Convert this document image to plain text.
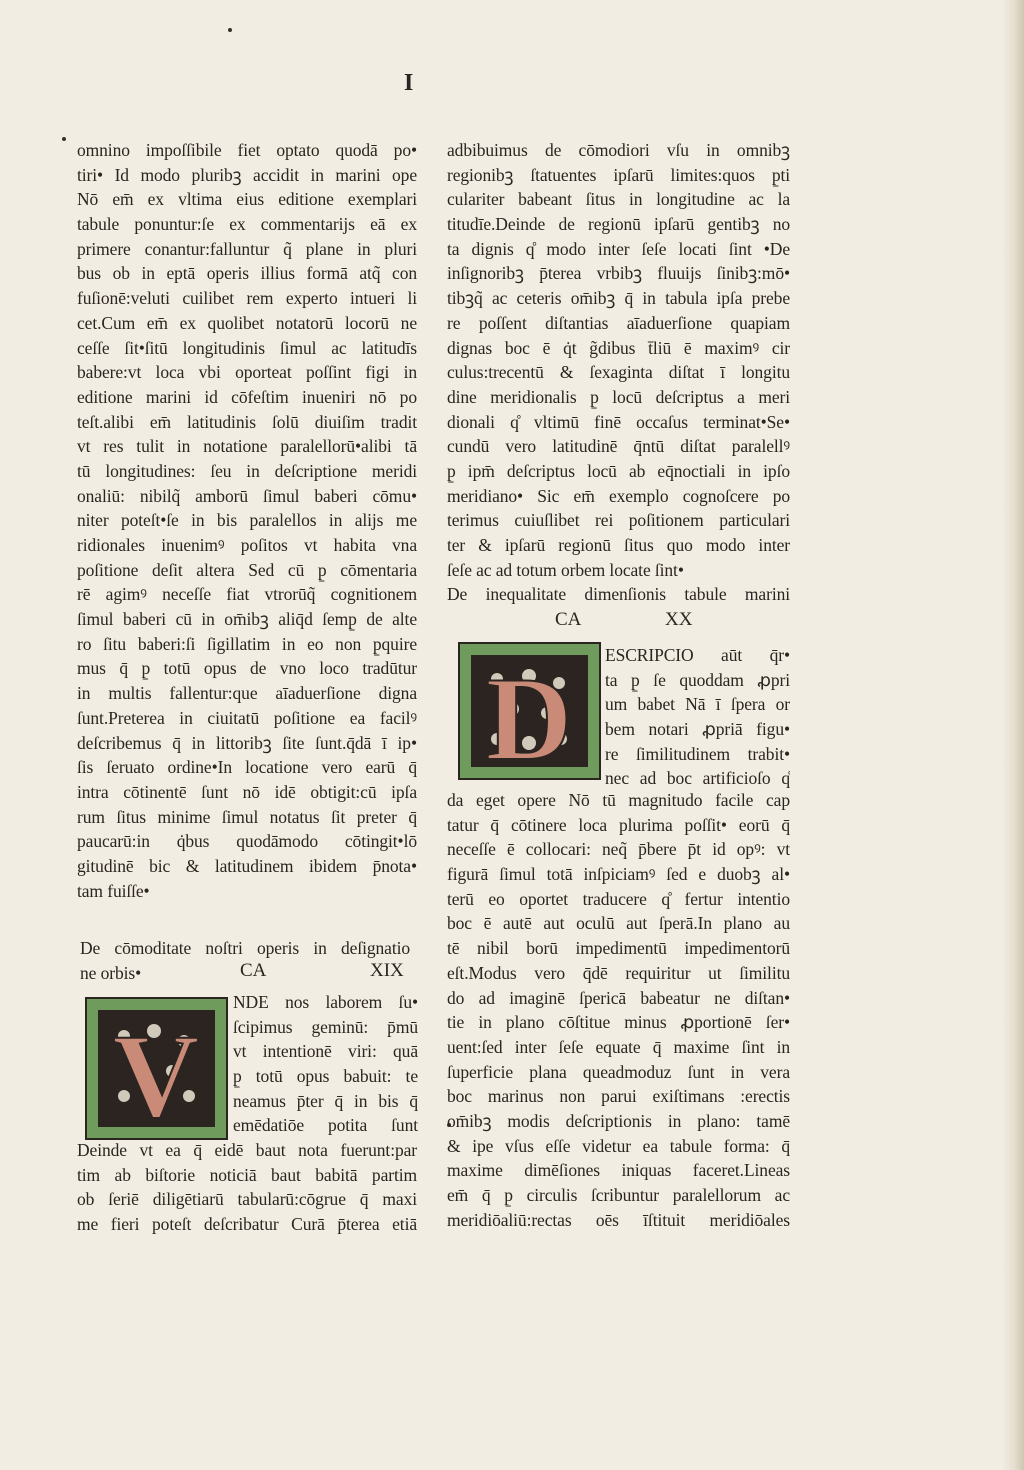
I
omnino impoſſibile fiet optato quodā po•
tiri• Id modo pluribꝫ accidit in marini ope
Nō em̄ ex vltima eius editione exemplari
tabule ponuntur:ſe ex commentarijs eā ex
primere conantur:falluntur q̃ plane in pluri
bus ob in eptā operis illius formā atq̃ con
fuſionē:veluti cuilibet rem experto intueri li
cet.Cum em̄ ex quolibet notatorū locorū ne
ceſſe ſit•ſitū longitudinis ſimul ac latitudīs
babere:vt loca vbi oporteat poſſint figi in
editione marini id cōfeſtim inueniri nō po
teſt.alibi em̄ latitudinis ſolū diuiſim tradit
vt res tulit in notatione paralellorū•alibi tā
tū longitudines: ſeu in deſcriptione meridi
onaliū: nibilq̃ amborū ſimul baberi cōmu•
niter poteſt•ſe in bis paralellos in alijs me
ridionales inuenimꝰ poſitos vt habita vna
poſitione deſit altera Sed cū p̱ cōmentaria
rē agimꝰ neceſſe fiat vtrorūq̃ cognitionem
ſimul baberi cū in om̄ibꝫ aliq̄d ſemp̱ de alte
ro ſitu baberi:ſi ſigillatim in eo non p̱quire
mus q̄ p̱ totū opus de vno loco tradūtur
in multis fallentur:que aīaduerſione digna
ſunt.Preterea in ciuitatū poſitione ea facilꝰ
deſcribemus q̄ in littoribꝫ ſite ſunt.q̄dā ī ip•
ſis ſeruato ordine•In locatione vero earū q̄
intra cōtinentē ſunt nō idē obtigit:cū ipſa
rum ſitus minime ſimul notatus ſit preter q̄
paucarū:in q̇bus quodāmodo cōtingit•lō
gitudinē bic & latitudinem ibidem p̄nota•
tam fuiſſe•
De cōmoditate noſtri operis in deſignatio
ne orbis•	CA	XIX
V
NDE nos laborem ſu•
ſcipimus geminū: p̄mū
vt intentionē viri: quā
p̱ totū opus babuit: te
neamus p̄ter q̄ in bis q̄
emēdatiōe potita ſunt
Deinde vt ea q̄ eidē baut nota fuerunt:par
tim ab biſtorie noticiā baut babitā partim
ob ſeriē diligētiarū tabularū:cōgrue q̄ maxi
me fieri poteſt deſcribatur Curā p̄terea etiā
adbibuimus de cōmodiori vſu in omnibꝫ
regionibꝫ ſtatuentes ipſarū limites:quos p̱ti
culariter babeant ſitus in longitudine ac la
titudīe.Deinde de regionū ipſarū gentibꝫ no
ta dignis q̊ modo inter ſeſe locati ſint •De
inſignoribꝫ p̄terea vrbibꝫ fluuijs ſinibꝫ:mō•
tibꝫq̃ ac ceteris om̄ibꝫ q̄ in tabula ipſa prebe
re poſſent diſtantias aīaduerſione quapiam
dignas boc ē q̇t g̃dibus t̄liū ē maximꝰ cir
culus:trecentū & ſexaginta diſtat ī longitu
dine meridionalis p̱ locū deſcriptus a meri
dionali q̊ vltimū finē occaſus terminat•Se•
cundū vero latitudinē q̄ntū diſtat paralellꝰ
p̱ ipm̄ deſcriptus locū ab eq̄noctiali in ipſo
meridiano• Sic em̄ exemplo cognoſcere po
terimus cuiuſlibet rei poſitionem particulari
ter & ipſarū regionū ſitus quo modo inter
ſeſe ac ad totum orbem locate ſint•
De inequalitate dimenſionis tabule marini
CA	XX
D ESCRIPCIO aūt q̄r•
ta p̱ ſe quoddam ꝓpri
um babet Nā ī ſpera or
bem notari ꝓpriā figu•
re ſimilitudinem trabit•
nec ad boc artificioſo q̊
da eget opere Nō tū magnitudo facile cap
tatur q̄ cōtinere loca plurima poſſit• eorū q̄
neceſſe ē collocari: neq̃ p̄bere p̄t id opꝰ: vt
figurā ſimul totā inſpiciamꝰ ſed e duobꝫ al•
terū eo oportet traducere q̊ fertur intentio
boc ē autē aut oculū aut ſperā.In plano au
tē nibil borū impedimentū impedimentorū
eſt.Modus vero q̄dē requiritur ut ſimilitu
do ad imaginē ſpericā babeatur ne diſtan•
tie in plano cōſtitue minus ꝓportionē ſer•
uent:ſed inter ſeſe equate q̄ maxime ſint in
ſuperficie plana queadmoduz ſunt in vera
boc marinus non parui exiſtimans :erectis
om̄ibꝫ modis deſcriptionis in plano: tamē
& ipe vſus eſſe videtur ea tabule forma: q̄
maxime dimēſiones iniquas faceret.Lineas
em̄ q̄ p̱ circulis ſcribuntur paralellorum ac
meridiōaliū:rectas oēs īſtituit meridiōales
